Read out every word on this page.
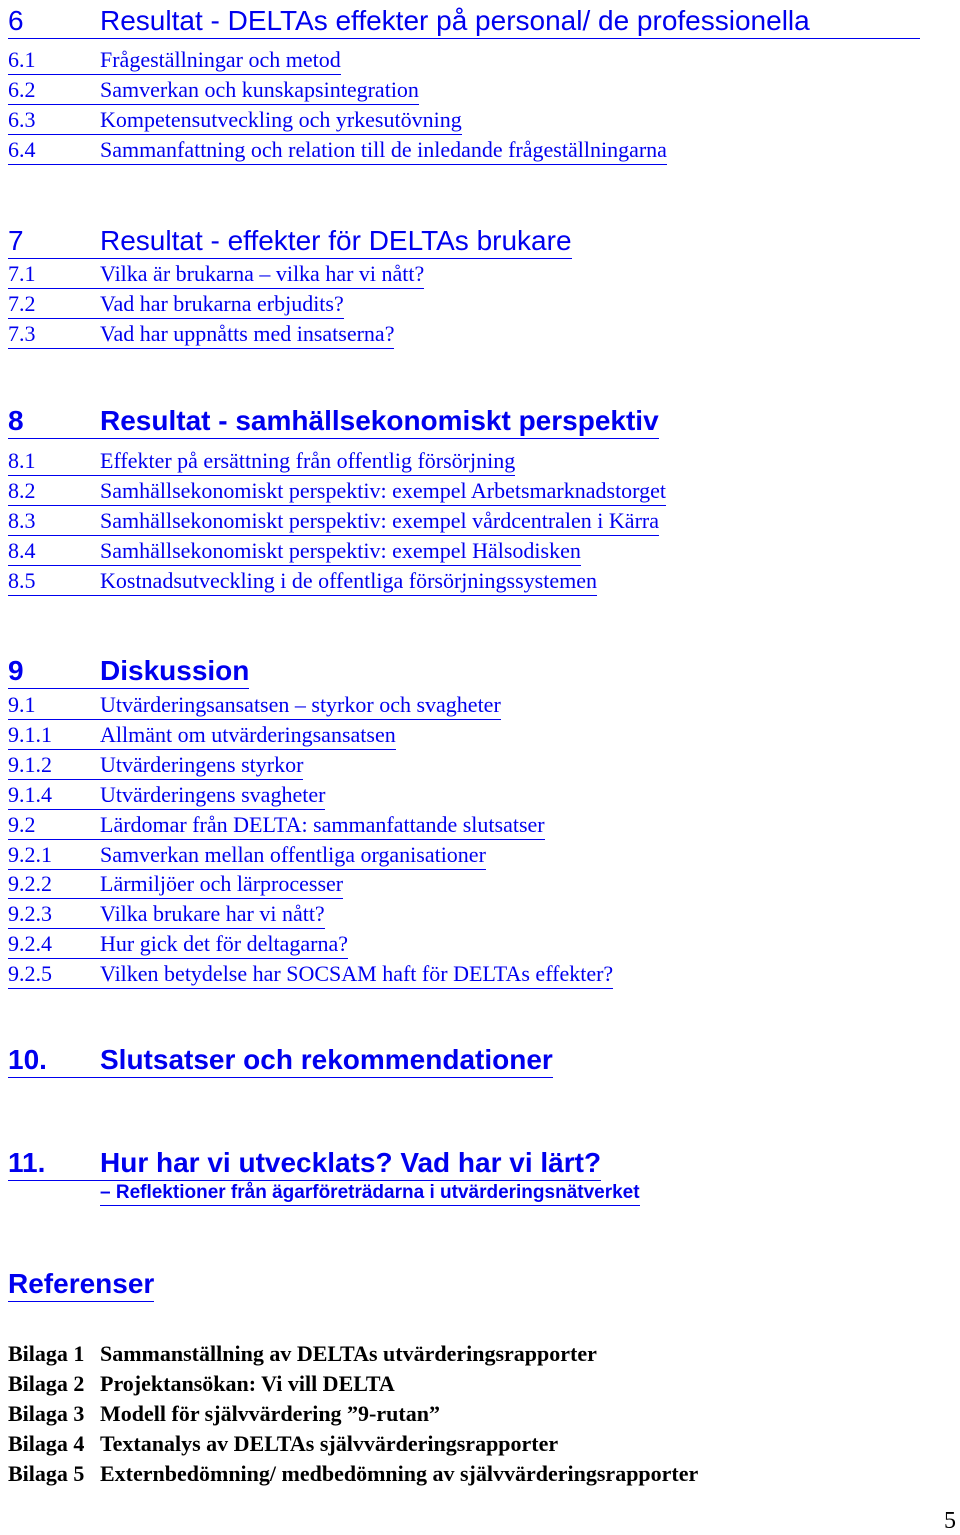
6	Resultat - DELTAs effekter på personal/ de professionella
6.1	Frågeställningar och metod
6.2	Samverkan och kunskapsintegration
6.3	Kompetensutveckling och yrkesutövning
6.4	Sammanfattning och relation till de inledande frågeställningarna
7	Resultat - effekter för DELTAs brukare
7.1	Vilka är brukarna – vilka har vi nått?
7.2	Vad har brukarna erbjudits?
7.3	Vad har uppnåtts med insatserna?
8	Resultat - samhällsekonomiskt perspektiv
8.1	Effekter på ersättning från offentlig försörjning
8.2	Samhällsekonomiskt perspektiv: exempel Arbetsmarknadstorget
8.3	Samhällsekonomiskt perspektiv: exempel vårdcentralen i Kärra
8.4	Samhällsekonomiskt perspektiv: exempel Hälsodisken
8.5	Kostnadsutveckling i de offentliga försörjningssystemen
9	Diskussion
9.1	Utvärderingsansatsen – styrkor och svagheter
9.1.1 Allmänt om utvärderingsansatsen
9.1.2 Utvärderingens styrkor
9.1.4 Utvärderingens svagheter
9.2	Lärdomar från DELTA: sammanfattande slutsatser
9.2.1 Samverkan mellan offentliga organisationer
9.2.2 Lärmiljöer och lärprocesser
9.2.3 Vilka brukare har vi nått?
9.2.4 Hur gick det för deltagarna?
9.2.5 Vilken betydelse har SOCSAM haft för DELTAs effekter?
10. Slutsatser och rekommendationer
11. Hur har vi utvecklats? Vad har vi lärt?
– Reflektioner från ägarföreträdarna i utvärderingsnätverket
Referenser
Bilaga 1 Sammanställning av DELTAs utvärderingsrapporter
Bilaga 2 Projektansökan: Vi vill DELTA
Bilaga 3 Modell för självvärdering ”9-rutan”
Bilaga 4 Textanalys av DELTAs självvärderingsrapporter
Bilaga 5 Externbedömning/ medbedömning av självvärderingsrapporter
5
